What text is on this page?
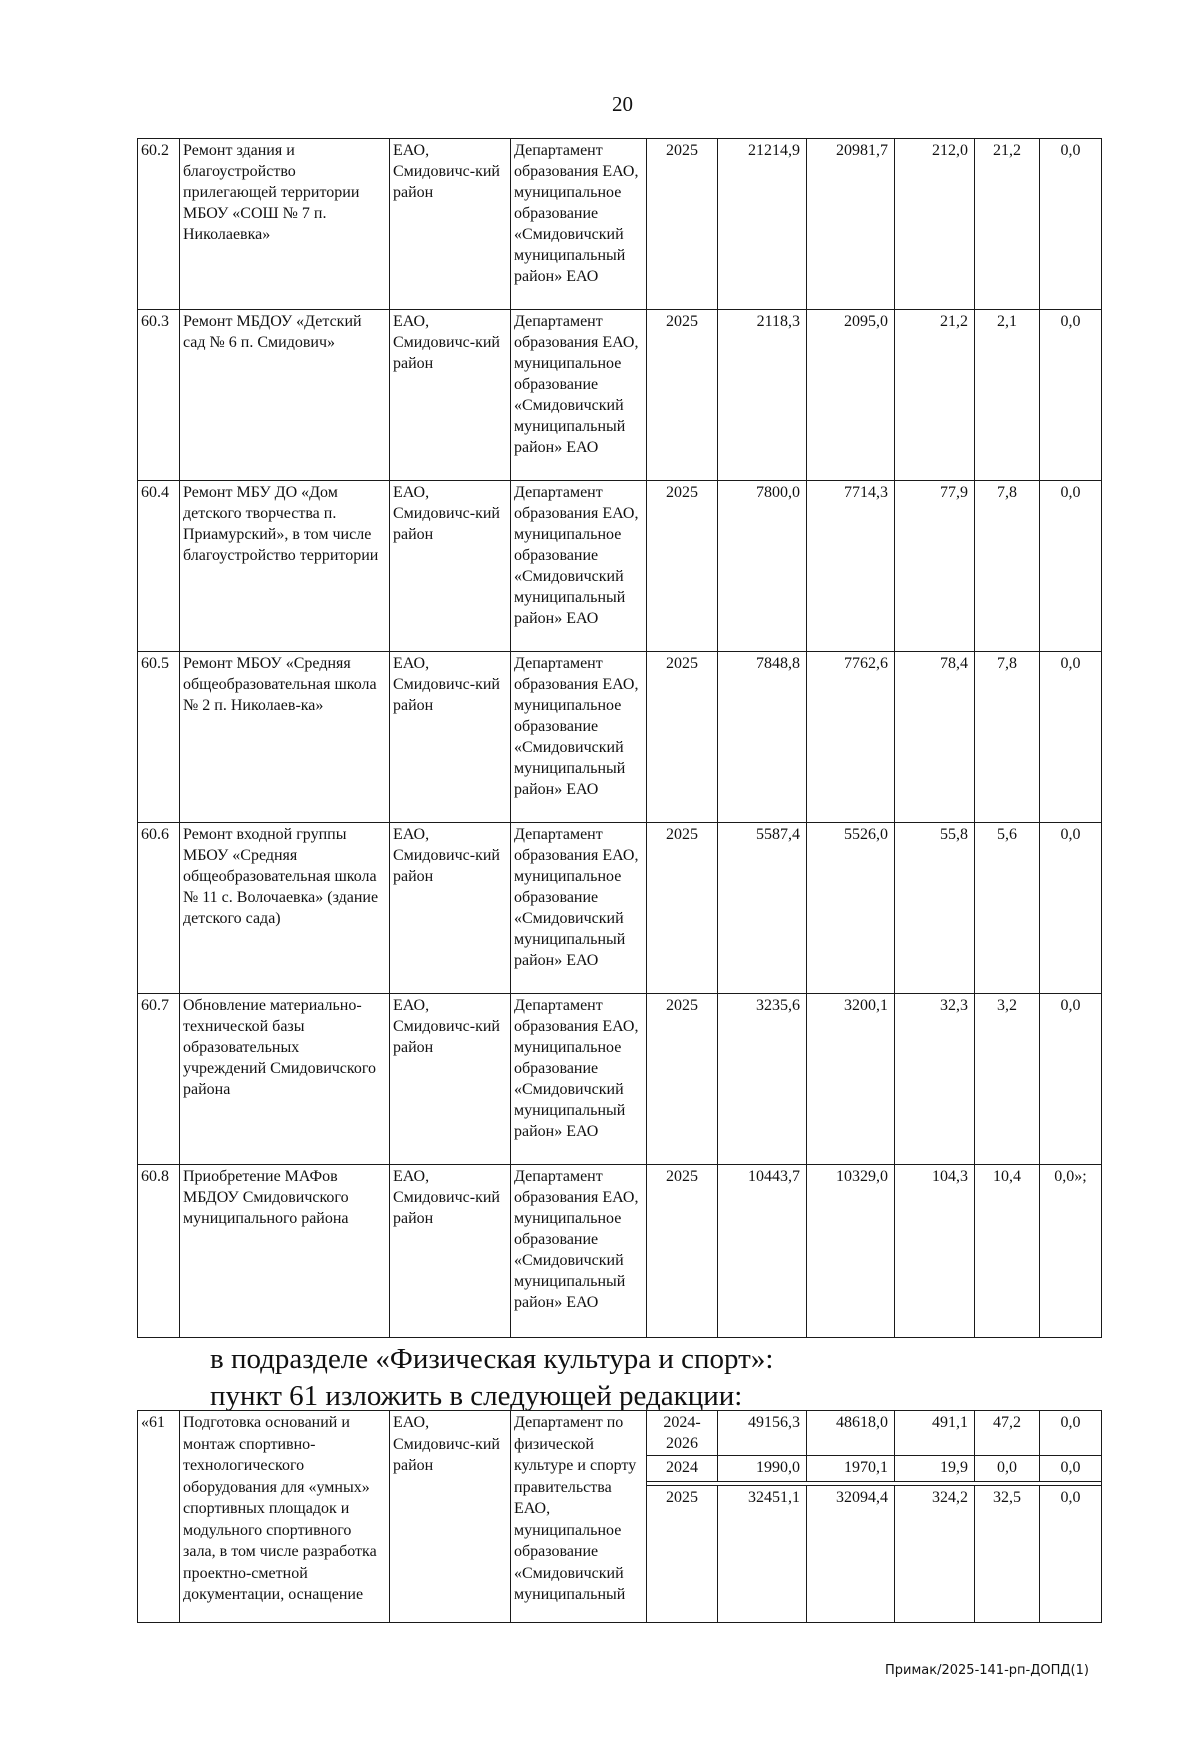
20
60.2	Ремонт здания и благоустройство прилегающей территории МБОУ «СОШ № 7 п. Николаевка»	ЕАО, Смидовичс-кий район	Департамент образования ЕАО, муниципальное образование «Смидовичский муниципальный район» ЕАО	2025	21214,9	20981,7	212,0	21,2	0,0
60.3	Ремонт МБДОУ «Детский сад № 6 п. Смидович»	ЕАО, Смидовичс-кий район	Департамент образования ЕАО, муниципальное образование «Смидовичский муниципальный район» ЕАО	2025	2118,3	2095,0	21,2	2,1	0,0
60.4	Ремонт МБУ ДО «Дом детского творчества п. Приамурский», в том числе благоустройство территории	ЕАО, Смидовичс-кий район	Департамент образования ЕАО, муниципальное образование «Смидовичский муниципальный район» ЕАО	2025	7800,0	7714,3	77,9	7,8	0,0
60.5	Ремонт МБОУ «Средняя общеобразовательная школа № 2 п. Николаев-ка»	ЕАО, Смидовичс-кий район	Департамент образования ЕАО, муниципальное образование «Смидовичский муниципальный район» ЕАО	2025	7848,8	7762,6	78,4	7,8	0,0
60.6	Ремонт входной группы МБОУ «Средняя общеобразовательная школа № 11 с. Волочаевка» (здание детского сада)	ЕАО, Смидовичс-кий район	Департамент образования ЕАО, муниципальное образование «Смидовичский муниципальный район» ЕАО	2025	5587,4	5526,0	55,8	5,6	0,0
60.7	Обновление материально-технической базы образовательных учреждений Смидовичского района	ЕАО, Смидовичс-кий район	Департамент образования ЕАО, муниципальное образование «Смидовичский муниципальный район» ЕАО	2025	3235,6	3200,1	32,3	3,2	0,0
60.8	Приобретение МАФов МБДОУ Смидовичского муниципального района	ЕАО, Смидовичс-кий район	Департамент образования ЕАО, муниципальное образование «Смидовичский муниципальный район» ЕАО	2025	10443,7	10329,0	104,3	10,4	0,0»;
в подразделе «Физическая культура и спорт»:
пункт 61 изложить в следующей редакции:
«61	Подготовка оснований и монтаж спортивно-технологического оборудования для «умных» спортивных площадок и модульного спортивного зала, в том числе разработка проектно-сметной документации, оснащение	ЕАО, Смидовичс-кий район	Департамент по физической культуре и спорту правительства ЕАО, муниципальное образование «Смидовичский муниципальный	2024-2026	49156,3	48618,0	491,1	47,2	0,0
				2024	1990,0	1970,1	19,9	0,0	0,0

				2025	32451,1	32094,4	324,2	32,5	0,0
Примак/2025-141-рп-ДОПД(1)
